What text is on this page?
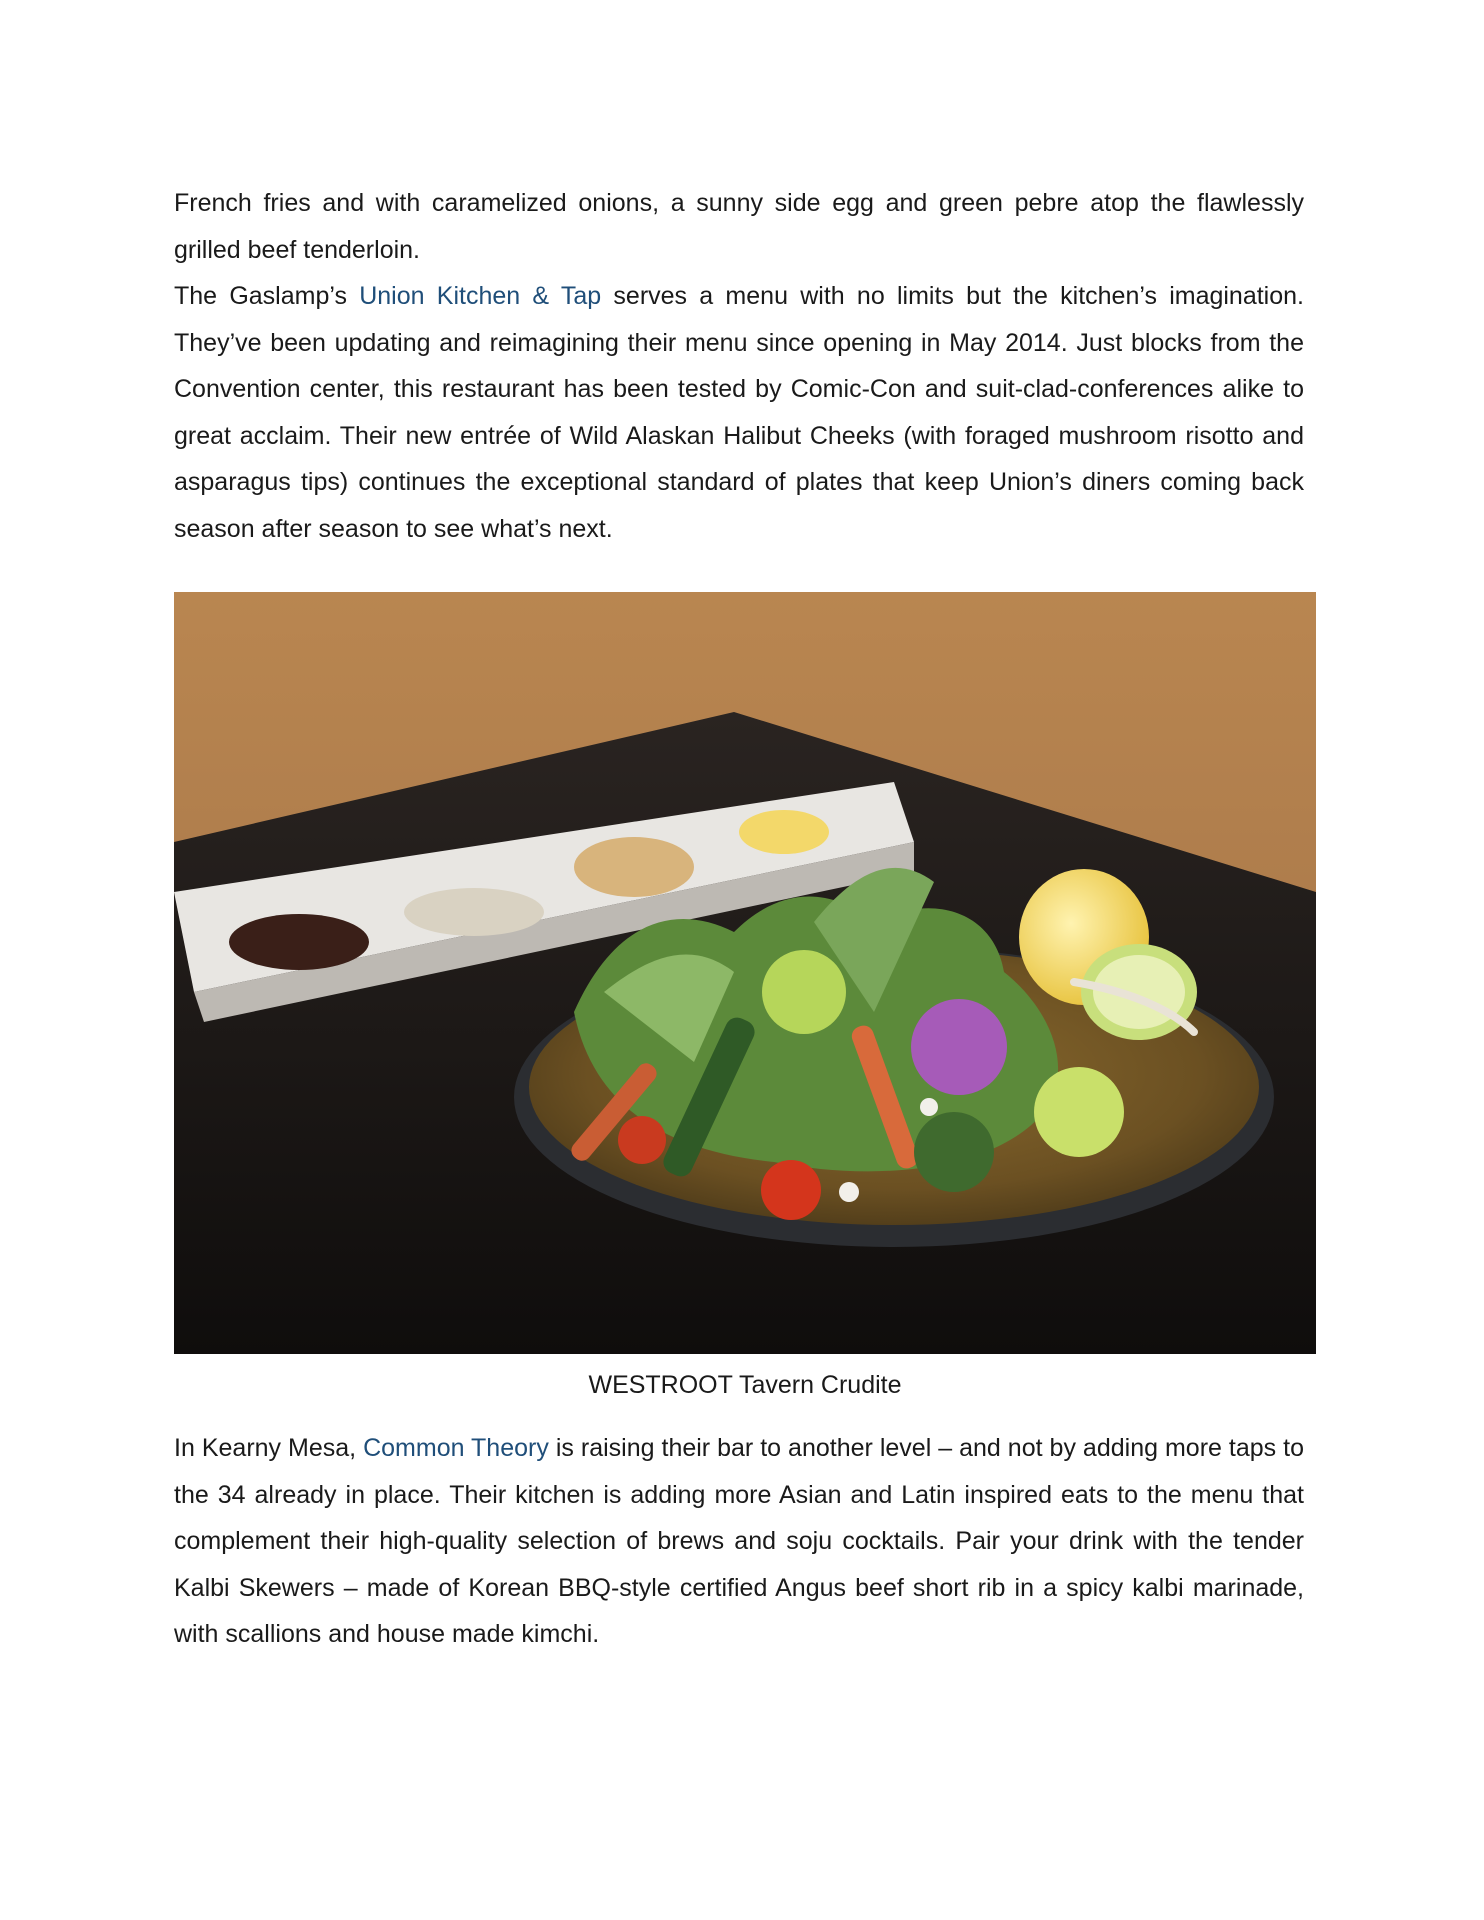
French fries and with caramelized onions, a sunny side egg and green pebre atop the flawlessly grilled beef tenderloin.

The Gaslamp’s Union Kitchen & Tap serves a menu with no limits but the kitchen’s imagination. They’ve been updating and reimagining their menu since opening in May 2014. Just blocks from the Convention center, this restaurant has been tested by Comic-Con and suit-clad-conferences alike to great acclaim. Their new entrée of Wild Alaskan Halibut Cheeks (with foraged mushroom risotto and asparagus tips) continues the exceptional standard of plates that keep Union’s diners coming back season after season to see what’s next.

WESTROOT Tavern Crudite

In Kearny Mesa, Common Theory is raising their bar to another level – and not by adding more taps to the 34 already in place. Their kitchen is adding more Asian and Latin inspired eats to the menu that complement their high-quality selection of brews and soju cocktails. Pair your drink with the tender Kalbi Skewers – made of Korean BBQ-style certified Angus beef short rib in a spicy kalbi marinade, with scallions and house made kimchi.
